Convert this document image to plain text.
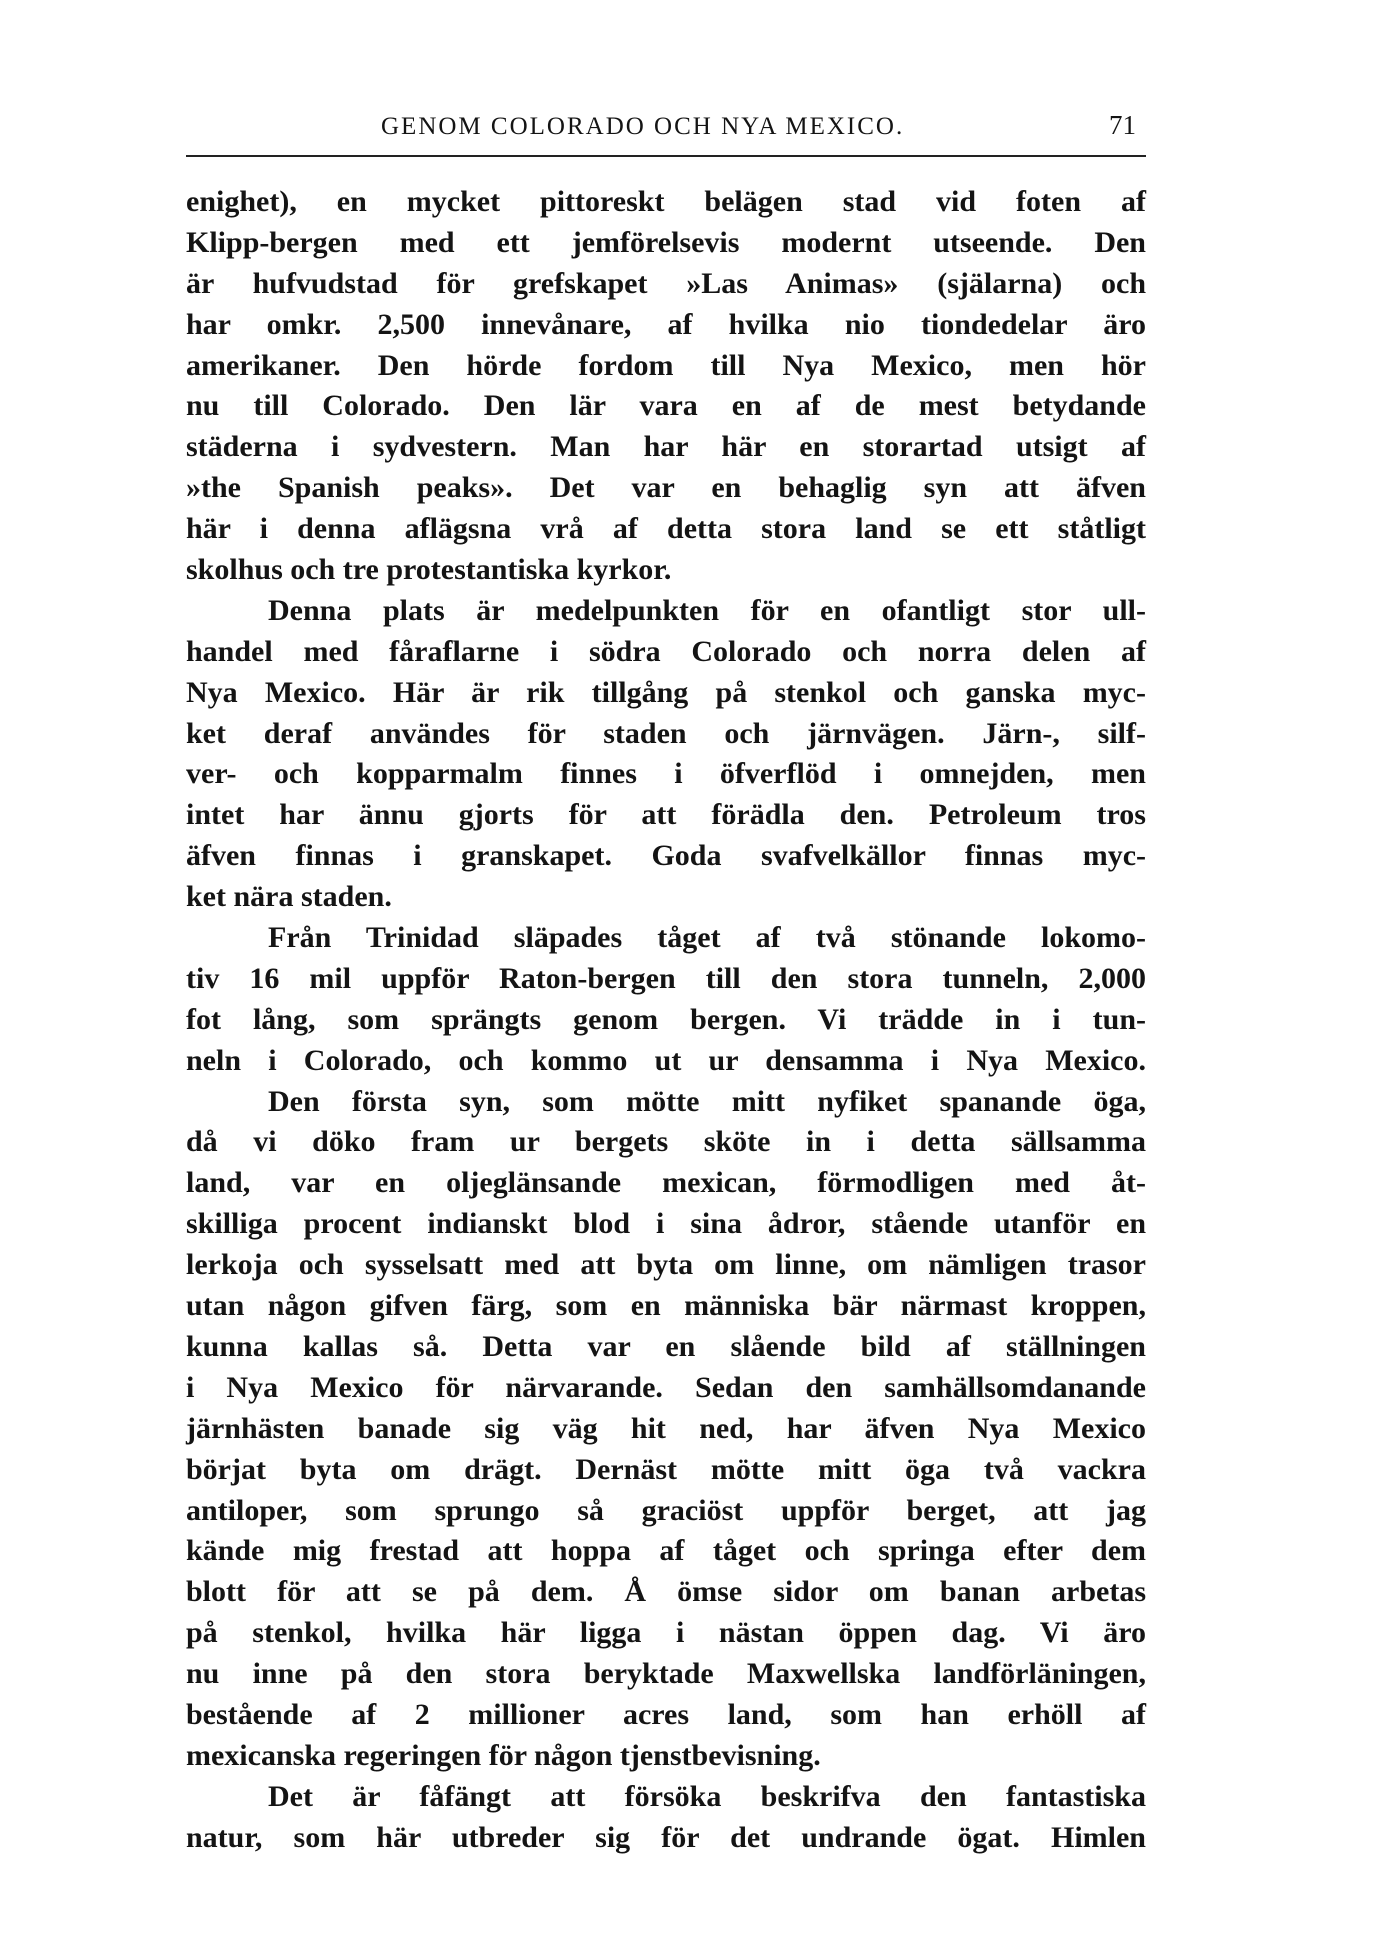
GENOM COLORADO OCH NYA MEXICO.	71
enighet), en mycket pittoreskt belägen stad vid foten af
Klipp-bergen med ett jemförelsevis modernt utseende. Den
är hufvudstad för grefskapet »Las Animas» (själarna) och
har omkr. 2,500 innevånare, af hvilka nio tiondedelar äro
amerikaner. Den hörde fordom till Nya Mexico, men hör
nu till Colorado. Den lär vara en af de mest betydande
städerna i sydvestern. Man har här en storartad utsigt af
»the Spanish peaks». Det var en behaglig syn att äfven
här i denna aflägsna vrå af detta stora land se ett ståtligt
skolhus och tre protestantiska kyrkor.
Denna plats är medelpunkten för en ofantligt stor ull-
handel med fåraflarne i södra Colorado och norra delen af
Nya Mexico. Här är rik tillgång på stenkol och ganska myc-
ket deraf användes för staden och järnvägen. Järn-, silf-
ver- och kopparmalm finnes i öfverflöd i omnejden, men
intet har ännu gjorts för att förädla den. Petroleum tros
äfven finnas i granskapet. Goda svafvelkällor finnas myc-
ket nära staden.
Från Trinidad släpades tåget af två stönande lokomo-
tiv 16 mil uppför Raton-bergen till den stora tunneln, 2,000
fot lång, som sprängts genom bergen. Vi trädde in i tun-
neln i Colorado, och kommo ut ur densamma i Nya Mexico.
Den första syn, som mötte mitt nyfiket spanande öga,
då vi döko fram ur bergets sköte in i detta sällsamma
land, var en oljeglänsande mexican, förmodligen med åt-
skilliga procent indianskt blod i sina ådror, stående utanför en
lerkoja och sysselsatt med att byta om linne, om nämligen trasor
utan någon gifven färg, som en människa bär närmast kroppen,
kunna kallas så. Detta var en slående bild af ställningen
i Nya Mexico för närvarande. Sedan den samhällsomdanande
järnhästen banade sig väg hit ned, har äfven Nya Mexico
börjat byta om drägt. Dernäst mötte mitt öga två vackra
antiloper, som sprungo så graciöst uppför berget, att jag
kände mig frestad att hoppa af tåget och springa efter dem
blott för att se på dem. Å ömse sidor om banan arbetas
på stenkol, hvilka här ligga i nästan öppen dag. Vi äro
nu inne på den stora beryktade Maxwellska landförläningen,
bestående af 2 millioner acres land, som han erhöll af
mexicanska regeringen för någon tjenstbevisning.
Det är fåfängt att försöka beskrifva den fantastiska
natur, som här utbreder sig för det undrande ögat. Himlen
